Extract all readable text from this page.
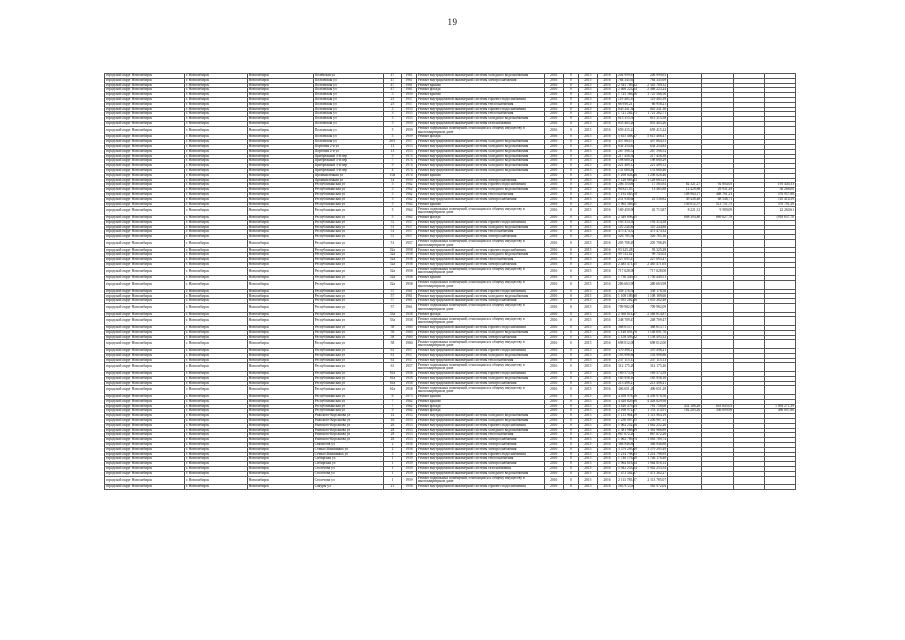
19
городской округ Новосибирск	г. Новосибирск	Новосибирск	Полевская ул	47	1961	Ремонт внутридомовой инженерной системы холодного водоснабжения	2016	0	2015	2016	204 999,61	208 999,63				
городской округ Новосибирск	г. Новосибирск	Новосибирск	Полтавская ул	47	1961	Ремонт внутридомовой инженерной системы электроснабжения	2016	0	2015	2016	784 345,64	784 345,69				
городской округ Новосибирск	г. Новосибирск	Новосибирск	Полтавская ул	47	1961	Ремонт крыши	2016	0	2015	2016	2 345 789,32	2 345 789,32				
городской округ Новосибирск	г. Новосибирск	Новосибирск	Полтавская ул	47	1961	Ремонт фасада	2016	0	2015	2016	2 468 223,24	2 468 223,24				
городской округ Новосибирск	г. Новосибирск	Новосибирск	Полтавская ул	5	1959	Ремонт крыши	2016	0	2015	2016	1 725 566,56	1 725 566,56				
городской округ Новосибирск	г. Новосибирск	Новосибирск	Полтавская ул	25	1957	Ремонт внутридомовой инженерной системы горячего водоснабжения	2016	0	2015	2016	119 485,39	119 485,39				
городской округ Новосибирск	г. Новосибирск	Новосибирск	Полтавская ул	25	1957	Ремонт внутридомовой инженерной системы теплоснабжения	2016	0	2015	2016	66 958,21	66 958,21				
городской округ Новосибирск	г. Новосибирск	Новосибирск	Полтавская ул	3	1955	Ремонт внутридомовой инженерной системы горячего водоснабжения	2016	0	2015	2016	845 241,36	845 241,36				
городской округ Новосибирск	г. Новосибирск	Новосибирск	Полтавская ул	3	1955	Ремонт внутридомовой инженерной системы теплоснабжения	2016	0	2015	2016	1 721 282,71	1 721 282,71				
городской округ Новосибирск	г. Новосибирск	Новосибирск	Полтавская ул	3	1955	Ремонт внутридомовой инженерной системы холодного водоснабжения	2016	0	2015	2016	815 315,58	815 315,58				
городской округ Новосибирск	г. Новосибирск	Новосибирск	Полтавская ул	5	1959	Ремонт внутридомовой инженерной системы газоснабжения	2016	0	2015	2016	855 463,26	855 463,26				
городской округ Новосибирск	г. Новосибирск	Новосибирск	Полтавская ул	5	1959	Ремонт подвальных помещений, относящихся к общему имуществу в многоквартирном доме	2016	0	2015	2016	659 415,22	659 415,22				
городской округ Новосибирск	г. Новосибирск	Новосибирск	Полтавская ул	5	1959	Ремонт фасада	2016	0	2015	2016	5 615 468,47	5 615 468,47				
городской округ Новосибирск	г. Новосибирск	Новосибирск	Полтавская ул	26/1	1957	Ремонт внутридомовой инженерной системы холодного водоснабжения	2016	0	2015	2016	457 864,51	457 864,51				
городской округ Новосибирск	г. Новосибирск	Новосибирск	Портовая 2-я ул	13	1953	Ремонт внутридомовой инженерной системы холодного водоснабжения	2016	0	2015	2016	634 254,84	634 254,84				
городской округ Новосибирск	г. Новосибирск	Новосибирск	Портовая 2-я ул	13	1953	Ремонт внутридомовой инженерной системы холодного водоснабжения	2016	0	2015	2016	267 598,52	267 598,52				
городской округ Новосибирск	г. Новосибирск	Новосибирск	Прибрежный 3-й пер	5	1974	Ремонт внутридомовой инженерной системы холодного водоснабжения	2016	0	2015	2016	217 456,38	217 456,38				
городской округ Новосибирск	г. Новосибирск	Новосибирск	Прибрежный 3-й пер	7	1974	Ремонт внутридомовой инженерной системы холодного водоснабжения	2016	0	2015	2016	198 680,29	198 680,29				
городской округ Новосибирск	г. Новосибирск	Новосибирск	Прибрежный 3-й пер	9	1974	Ремонт внутридомовой инженерной системы холодного водоснабжения	2016	0	2015	2016	221 489,12	221 489,12				
городской округ Новосибирск	г. Новосибирск	Новосибирск	Прибрежный 3-й пер	4	1974	Ремонт внутридомовой инженерной системы холодного водоснабжения	2016	0	2015	2016	131 680,46	131 680,46				
городской округ Новосибирск	г. Новосибирск	Новосибирск	Промышленная ул	10а	1974	Ремонт крыши	2016	0	2015	2016	1 298 628,46	1 298 628,46				
городской округ Новосибирск	г. Новосибирск	Новосибирск	Промышленная ул	1а	1959	Ремонт внутридомовой инженерной системы электроснабжения	2016	0	2015	2016	1 128 683,25	1 128 683,25				
городской округ Новосибирск	г. Новосибирск	Новосибирск	Республиканская ул	5	1962	Ремонт внутридомовой инженерной системы горячего водоснабжения	2016	0	2015	2016	206 110,86	17 565,92	62 321,27	92 804,05		195 440,33
городской округ Новосибирск	г. Новосибирск	Новосибирск	Республиканская ул	5	1962	Ремонт внутридомовой инженерной системы холодного водоснабжения	2016	0	2015	2016	98 821,05	13 465,88	12 429,88	29 931,29		56 268,00
городской округ Новосибирск	г. Новосибирск	Новосибирск	Республиканская ул	5	1962	Ремонт внутридомовой инженерной системы теплоснабжения	2016	0	2015	2016	1 192 065,78		108 964,17	488 761,23		576 957,88
городской округ Новосибирск	г. Новосибирск	Новосибирск	Республиканская ул	5	1962	Ремонт внутридомовой инженерной системы электроснабжения	2016	0	2015	2016	251 936,60	23 536,82	49 438,48	68 546,71		110 414,59
городской округ Новосибирск	г. Новосибирск	Новосибирск	Республиканская ул	5	1962	Ремонт крыши	2016	0	2015	2016	1 965 369,11		136 012,57	513 751,75		576 701,20
городской округ Новосибирск	г. Новосибирск	Новосибирск	Республиканская ул	5	1962	Ремонт подвальных помещений, относящихся к общему имуществу в многоквартирном доме	2016	0	2015	2016	169 450,90	45 713,87	8 221,31	9 580,09		22 260,61
городской округ Новосибирск	г. Новосибирск	Новосибирск	Республиканская ул	5	1962	Ремонт фасада	2016	0	2015	2016	2 349 896,25		608 394,80	869 627,78		(918 637,70
городской округ Новосибирск	г. Новосибирск	Новосибирск	Республиканская ул	51	1957	Ремонт внутридомовой инженерной системы горячего водоснабжения	2016	0	2015	2016	193 314,38	193 314,38				
городской округ Новосибирск	г. Новосибирск	Новосибирск	Республиканская ул	51	1957	Ремонт внутридомовой инженерной системы холодного водоснабжения	2016	0	2015	2016	110 244,80	110 244,80				
городской округ Новосибирск	г. Новосибирск	Новосибирск	Республиканская ул	51	1957	Ремонт внутридомовой инженерной системы теплоснабжения	2016	0	2015	2016	475 474,32	475 474,32				
городской округ Новосибирск	г. Новосибирск	Новосибирск	Республиканская ул	51	1957	Ремонт внутридомовой инженерной системы электроснабжения	2016	0	2015	2016	526 785,36	526 785,36				
городской округ Новосибирск	г. Новосибирск	Новосибирск	Республиканская ул	51	1957	Ремонт подвальных помещений, относящихся к общему имуществу в многоквартирном доме	2016	0	2015	2016	205 708,49	205 708,49				
городской округ Новосибирск	г. Новосибирск	Новосибирск	Республиканская ул	52а	1958	Ремонт внутридомовой инженерной системы горячего водоснабжения	2016	0	2015	2016	93 325,28	93 325,28				
городской округ Новосибирск	г. Новосибирск	Новосибирск	Республиканская ул	52а	1958	Ремонт внутридомовой инженерной системы холодного водоснабжения	2016	0	2015	2016	99 743,02	99 743,02				
городской округ Новосибирск	г. Новосибирск	Новосибирск	Республиканская ул	52а	1958	Ремонт внутридомовой инженерной системы теплоснабжения	2016	0	2015	2016	227 695,47	227 695,47				
городской округ Новосибирск	г. Новосибирск	Новосибирск	Республиканская ул	52а	1958	Ремонт внутридомовой инженерной системы электроснабжения	2016	0	2015	2016	2 485 471,65	2 485 471,65				
городской округ Новосибирск	г. Новосибирск	Новосибирск	Республиканская ул	52а	1958	Ремонт подвальных помещений, относящихся к общему имуществу в многоквартирном доме	2016	0	2015	2016	717 628,00	717 628,00				
городской округ Новосибирск	г. Новосибирск	Новосибирск	Республиканская ул	52а	1958	Ремонт крыши	2016	0	2015	2016	1 756 449,51	1 756 449,51				
городской округ Новосибирск	г. Новосибирск	Новосибирск	Республиканская ул	52а	1958	Ремонт подвальных помещений, относящихся к общему имуществу в многоквартирном доме	2016	0	2015	2016	286 663,98	286 663,98				
городской округ Новосибирск	г. Новосибирск	Новосибирск	Республиканская ул	57	1961	Ремонт внутридомовой инженерной системы горячего водоснабжения	2016	0	2015	2016	358 176,56	358 176,56				
городской округ Новосибирск	г. Новосибирск	Новосибирск	Республиканская ул	57	1961	Ремонт внутридомовой инженерной системы холодного водоснабжения	2016	0	2015	2016	1 108 189,60	1 108 189,60				
городской округ Новосибирск	г. Новосибирск	Новосибирск	Республиканская ул	57	1961	Ремонт внутридомовой инженерной системы электроснабжения	2016	0	2015	2016	1 055 282,48	1 055 282,48				
городской округ Новосибирск	г. Новосибирск	Новосибирск	Республиканская ул	57	1961	Ремонт подвальных помещений, относящихся к общему имуществу в многоквартирном доме	2016	0	2015	2016	709 982,09	709 982,09				
городской округ Новосибирск	г. Новосибирск	Новосибирск	Республиканская ул	53а	1958	Ремонт фасада	2016	0	2015	2016	2 568 814,87	2 568 814,87				
городской округ Новосибирск	г. Новосибирск	Новосибирск	Республиканская ул	53а	1958	Ремонт подвальных помещений, относящихся к общему имуществу в многоквартирном доме	2016	0	2015	2016	248 709,47	248 709,47				
городской округ Новосибирск	г. Новосибирск	Новосибирск	Республиканская ул	58	1960	Ремонт внутридомовой инженерной системы горячего водоснабжения	2016	0	2015	2016	368 613,71	368 613,71				
городской округ Новосибирск	г. Новосибирск	Новосибирск	Республиканская ул	58	1960	Ремонт внутридомовой инженерной системы холодного водоснабжения	2016	0	2015	2016	1 148 691,76	1 148 691,76				
городской округ Новосибирск	г. Новосибирск	Новосибирск	Республиканская ул	58	1960	Ремонт внутридомовой инженерной системы электроснабжения	2016	0	2015	2016	1 158 493,32	1 158 493,32				
городской округ Новосибирск	г. Новосибирск	Новосибирск	Республиканская ул	58	1960	Ремонт подвальных помещений, относящихся к общему имуществу в многоквартирном доме	2016	0	2015	2016	698 012,00	698 012,00				
городской округ Новосибирск	г. Новосибирск	Новосибирск	Республиканская ул	61	1957	Ремонт внутридомовой инженерной системы горячего водоснабжения	2016	0	2015	2016	370 498,21	370 498,21				
городской округ Новосибирск	г. Новосибирск	Новосибирск	Республиканская ул	61	1957	Ремонт внутридомовой инженерной системы холодного водоснабжения	2016	0	2015	2016	103 998,86	103 998,86				
городской округ Новосибирск	г. Новосибирск	Новосибирск	Республиканская ул	61	1957	Ремонт внутридомовой инженерной системы теплоснабжения	2016	0	2015	2016	237 115,13	237 115,13				
городской округ Новосибирск	г. Новосибирск	Новосибирск	Республиканская ул	61	1957	Ремонт подвальных помещений, относящихся к общему имуществу в многоквартирном доме	2016	0	2015	2016	312 175,26	312 175,26				
городской округ Новосибирск	г. Новосибирск	Новосибирск	Республиканская ул	61а	1958	Ремонт внутридомовой инженерной системы горячего водоснабжения	2016	0	2015	2016	169 573,39	169 573,39				
городской округ Новосибирск	г. Новосибирск	Новосибирск	Республиканская ул	61а	1958	Ремонт внутридомовой инженерной системы холодного водоснабжения	2016	0	2015	2016	185 958,16	185 958,16				
городской округ Новосибирск	г. Новосибирск	Новосибирск	Республиканская ул	61а	1958	Ремонт внутридомовой инженерной системы электроснабжения	2016	0	2015	2016	213 498,21	213 498,21				
городской округ Новосибирск	г. Новосибирск	Новосибирск	Республиканская ул	61а	1958	Ремонт подвальных помещений, относящихся к общему имуществу в многоквартирном доме	2016	0	2015	2016	406 651,28	406 651,28				
городской округ Новосибирск	г. Новосибирск	Новосибирск	Республиканская ул	6	1973	Ремонт крыши	2016	0	2015	2016	4 458 978,56	4 458 978,56				
городской округ Новосибирск	г. Новосибирск	Новосибирск	Республиканская ул	7	1962	Ремонт крыши	2016	0	2015	2016	4 428 829,98	4 428 829,98				
городской округ Новосибирск	г. Новосибирск	Новосибирск	Республиканская ул	7	1962	Ремонт фасада	2016	0	2015	2016	3 426 479,24	761 758,66	452 186,26	641 845,03		1 094 271,39
городской округ Новосибирск	г. Новосибирск	Новосибирск	Республиканская ул	9	1962	Ремонт фасада	2016	0	2015	2016	2 168 972,07	1 153 114,91	182 203,26	336 699,98		496 697,66
городской округ Новосибирск	г. Новосибирск	Новосибирск	Рижского-Корсакова ул	14	1953	Ремонт внутридомовой инженерной системы холодного водоснабжения	2016	0	2015	2016	1 113 964,19	1 113 964,19				
городской округ Новосибирск	г. Новосибирск	Новосибирск	Рижского-Корсакова ул	16	1953	Ремонт внутридомовой инженерной системы холодного водоснабжения	2016	0	2015	2016	1 256 907,15	1 256 907,15				
городской округ Новосибирск	г. Новосибирск	Новосибирск	Римского-Корсакова ул	28	1953	Ремонт внутридомовой инженерной системы горячего водоснабжения	2016	0	2015	2016	1 062 252,26	1 062 252,26				
городской округ Новосибирск	г. Новосибирск	Новосибирск	Римского-Корсакова ул	28	1953	Ремонт внутридомовой инженерной системы холодного водоснабжения	2016	0	2015	2016	1 381 986,89	1 381 986,89				
городской округ Новосибирск	г. Новосибирск	Новосибирск	Римского-Корсакова ул	28	1953	Ремонт внутридомовой инженерной системы теплоснабжения	2016	0	2015	2016	867 672,26	867 672,26				
городской округ Новосибирск	г. Новосибирск	Новосибирск	Римского-Корсакова ул	28	1953	Ремонт внутридомовой инженерной системы электроснабжения	2016	0	2015	2016	1 063 789,74	1 063 789,74				
городской округ Новосибирск	г. Новосибирск	Новосибирск	Связистов ул	2	1956	Ремонт внутридомовой инженерной системы электроснабжения	2016	0	2015	2016	368 946,88	368 946,88				
городской округ Новосибирск	г. Новосибирск	Новосибирск	Семьи Шамшиных ул	2	1956	Ремонт внутридомовой инженерной системы электроснабжения	2016	0	2015	2016	3 579 295,49	3 579 295,49				
городской округ Новосибирск	г. Новосибирск	Новосибирск	Семьи Шамшиных ул	3	1956	Ремонт внутридомовой инженерной системы горячего водоснабжения	2016	0	2015	2016	1 214 798,95	1 214 798,95				
городской округ Новосибирск	г. Новосибирск	Новосибирск	Сибирская ул	1	1959	Ремонт внутридомовой инженерной системы теплоснабжения	2016	0	2015	2016	1 746 176,48	1 746 176,48				
городской округ Новосибирск	г. Новосибирск	Новосибирск	Сибирская ул	1	1959	Ремонт внутридомовой инженерной системы электроснабжения	2016	0	2015	2016	1 964 818,14	1 964 818,14				
городской округ Новосибирск	г. Новосибирск	Новосибирск	Столетова ул	1	1959	Ремонт внутридомовой инженерной системы газоснабжения	2016	0	2015	2016	5 942 253,54	5 942 253,54				
городской округ Новосибирск	г. Новосибирск	Новосибирск	Столетова ул	1	1959	Ремонт внутридомовой инженерной системы холодного водоснабжения	2016	0	2015	2016	7 473 362,27	7 473 362,27				
городской округ Новосибирск	г. Новосибирск	Новосибирск	Столетова ул	1	1959	Ремонт подвальных помещений, относящихся к общему имуществу в многоквартирном доме	2016	0	2015	2016	2 113 785,07	2 113 785,07				
городской округ Новосибирск	г. Новосибирск	Новосибирск	Сакуры ул	21	1956	Ремонт внутридомовой инженерной системы горячего водоснабжения	2016	0	2015	2016	583 972,04	583 972,04				
